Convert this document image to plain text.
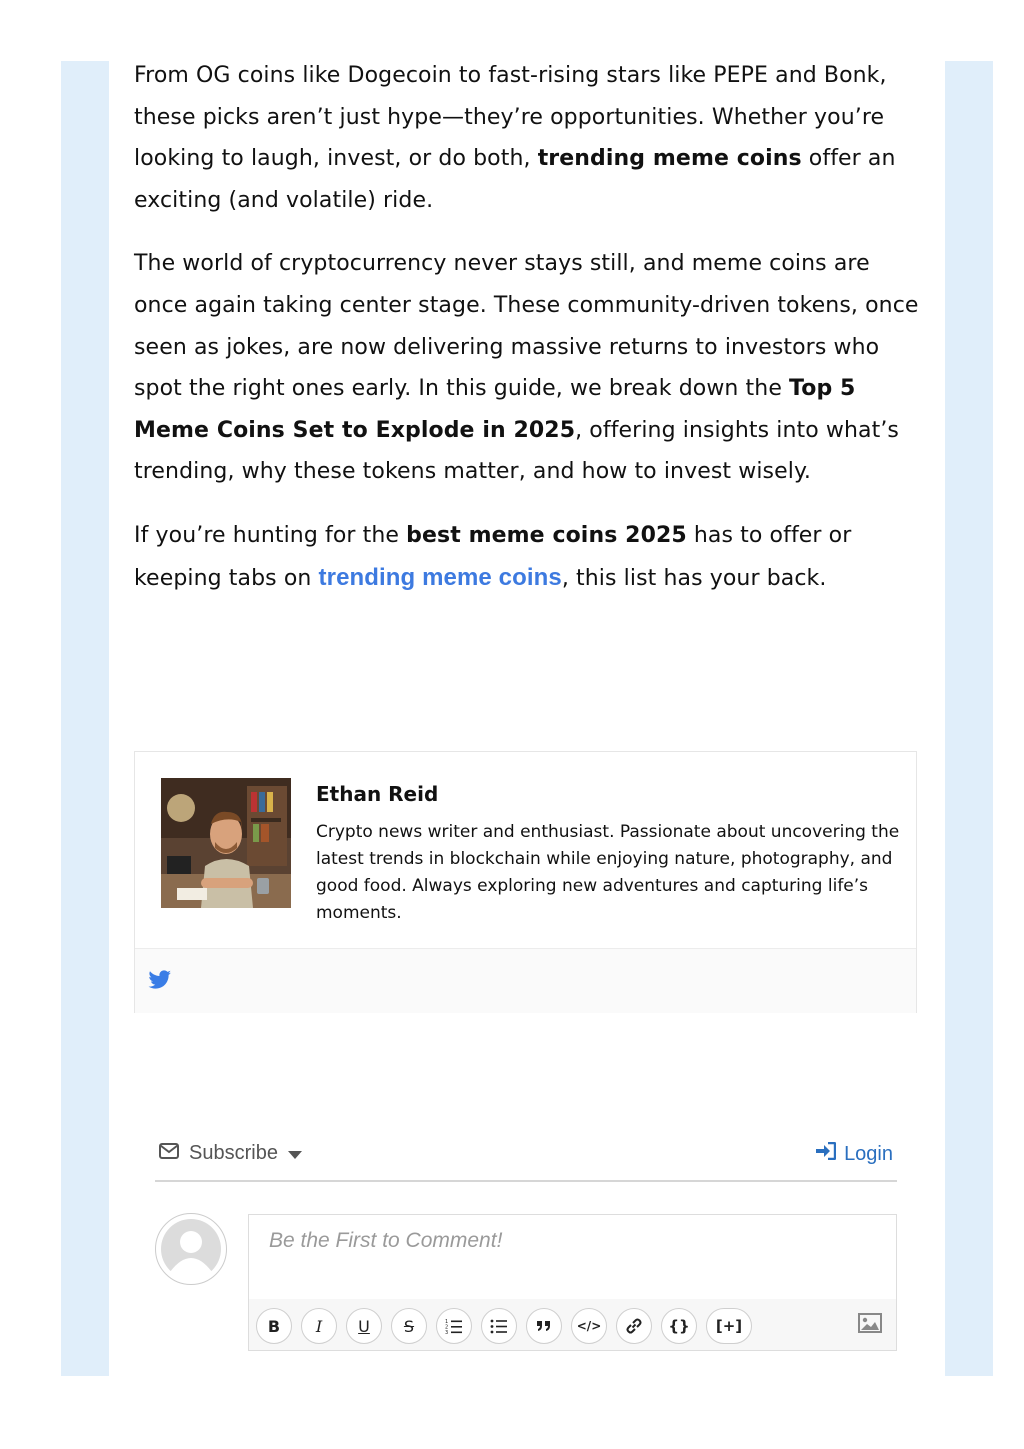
From OG coins like Dogecoin to fast-rising stars like PEPE and Bonk, these picks aren’t just hype—they’re opportunities. Whether you’re looking to laugh, invest, or do both, trending meme coins offer an exciting (and volatile) ride.

The world of cryptocurrency never stays still, and meme coins are once again taking center stage. These community-driven tokens, once seen as jokes, are now delivering massive returns to investors who spot the right ones early. In this guide, we break down the Top 5 Meme Coins Set to Explode in 2025, offering insights into what’s trending, why these tokens matter, and how to invest wisely.

If you’re hunting for the best meme coins 2025 has to offer or keeping tabs on trending meme coins, this list has your back.

Ethan Reid
Crypto news writer and enthusiast. Passionate about uncovering the latest trends in blockchain while enjoying nature, photography, and good food. Always exploring new adventures and capturing life’s moments.
Subscribe	Login
Be the First to Comment!
B	I	U	S	1
2
3	</>	{}	[+]
